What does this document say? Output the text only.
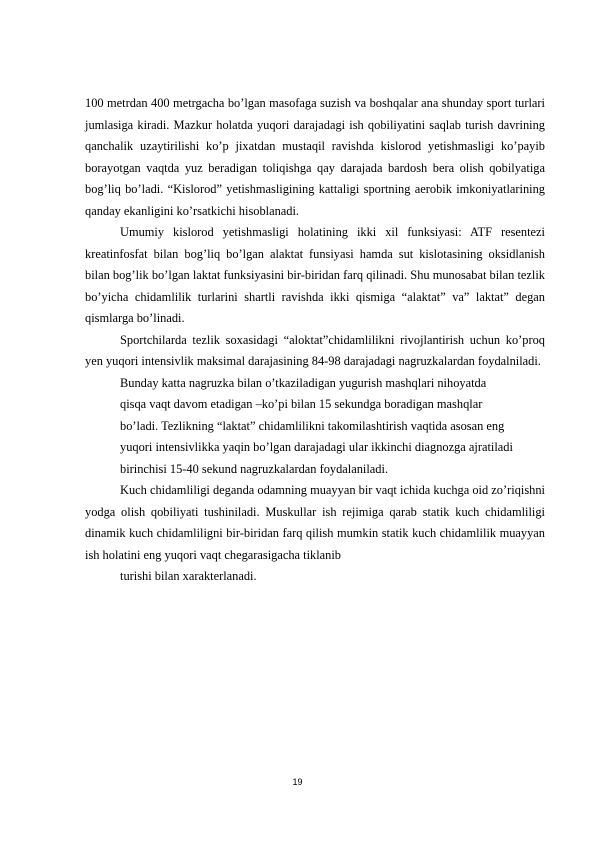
100 metrdan 400 metrgacha bo’lgan masofaga suzish va boshqalar ana shunday sport turlari jumlasiga kiradi. Mazkur holatda yuqori darajadagi ish qobiliyatini saqlab turish davrining qanchalik uzaytirilishi ko’p jixatdan mustaqil ravishda kislorod yetishmasligi ko’payib borayotgan vaqtda yuz beradigan toliqishga qay darajada bardosh bera olish qobilyatiga bog’liq bo’ladi. “Kislorod” yetishmasligining kattaligi sportning aerobik imkoniyatlarining qanday ekanligini ko’rsatkichi hisoblanadi.

Umumiy kislorod yetishmasligi holatining ikki xil funksiyasi: ATF resentezi kreatinfosfat bilan bog’liq bo’lgan alaktat funsiyasi hamda sut kislotasining oksidlanish bilan bog’lik bo’lgan laktat funksiyasini bir-biridan farq qilinadi. Shu munosabat bilan tezlik bo’yicha chidamlilik turlarini shartli ravishda ikki qismiga “alaktat” va” laktat” degan qismlarga bo’linadi.

Sportchilarda tezlik soxasidagi “aloktat”chidamlilikni rivojlantirish uchun ko’proq yen yuqori intensivlik maksimal darajasining 84-98 darajadagi nagruzkalardan foydalniladi.

Bunday katta nagruzka bilan o’tkaziladigan yugurish mashqlari nihoyatda
qisqa vaqt davom etadigan –ko’pi bilan 15 sekundga boradigan mashqlar
bo’ladi. Tezlikning “laktat” chidamlilikni takomilashtirish vaqtida asosan eng
yuqori intensivlikka yaqin bo’lgan darajadagi ular ikkinchi diagnozga ajratiladi
birinchisi 15-40 sekund nagruzkalardan foydalaniladi.

Kuch chidamliligi deganda odamning muayyan bir vaqt ichida kuchga oid zo’riqishni yodga olish qobiliyati tushiniladi. Muskullar ish rejimiga qarab statik kuch chidamliligi dinamik kuch chidamliligni bir-biridan farq qilish mumkin statik kuch chidamlilik muayyan ish holatini eng yuqori vaqt chegarasigacha tiklanib

turishi bilan xarakterlanadi.

19
